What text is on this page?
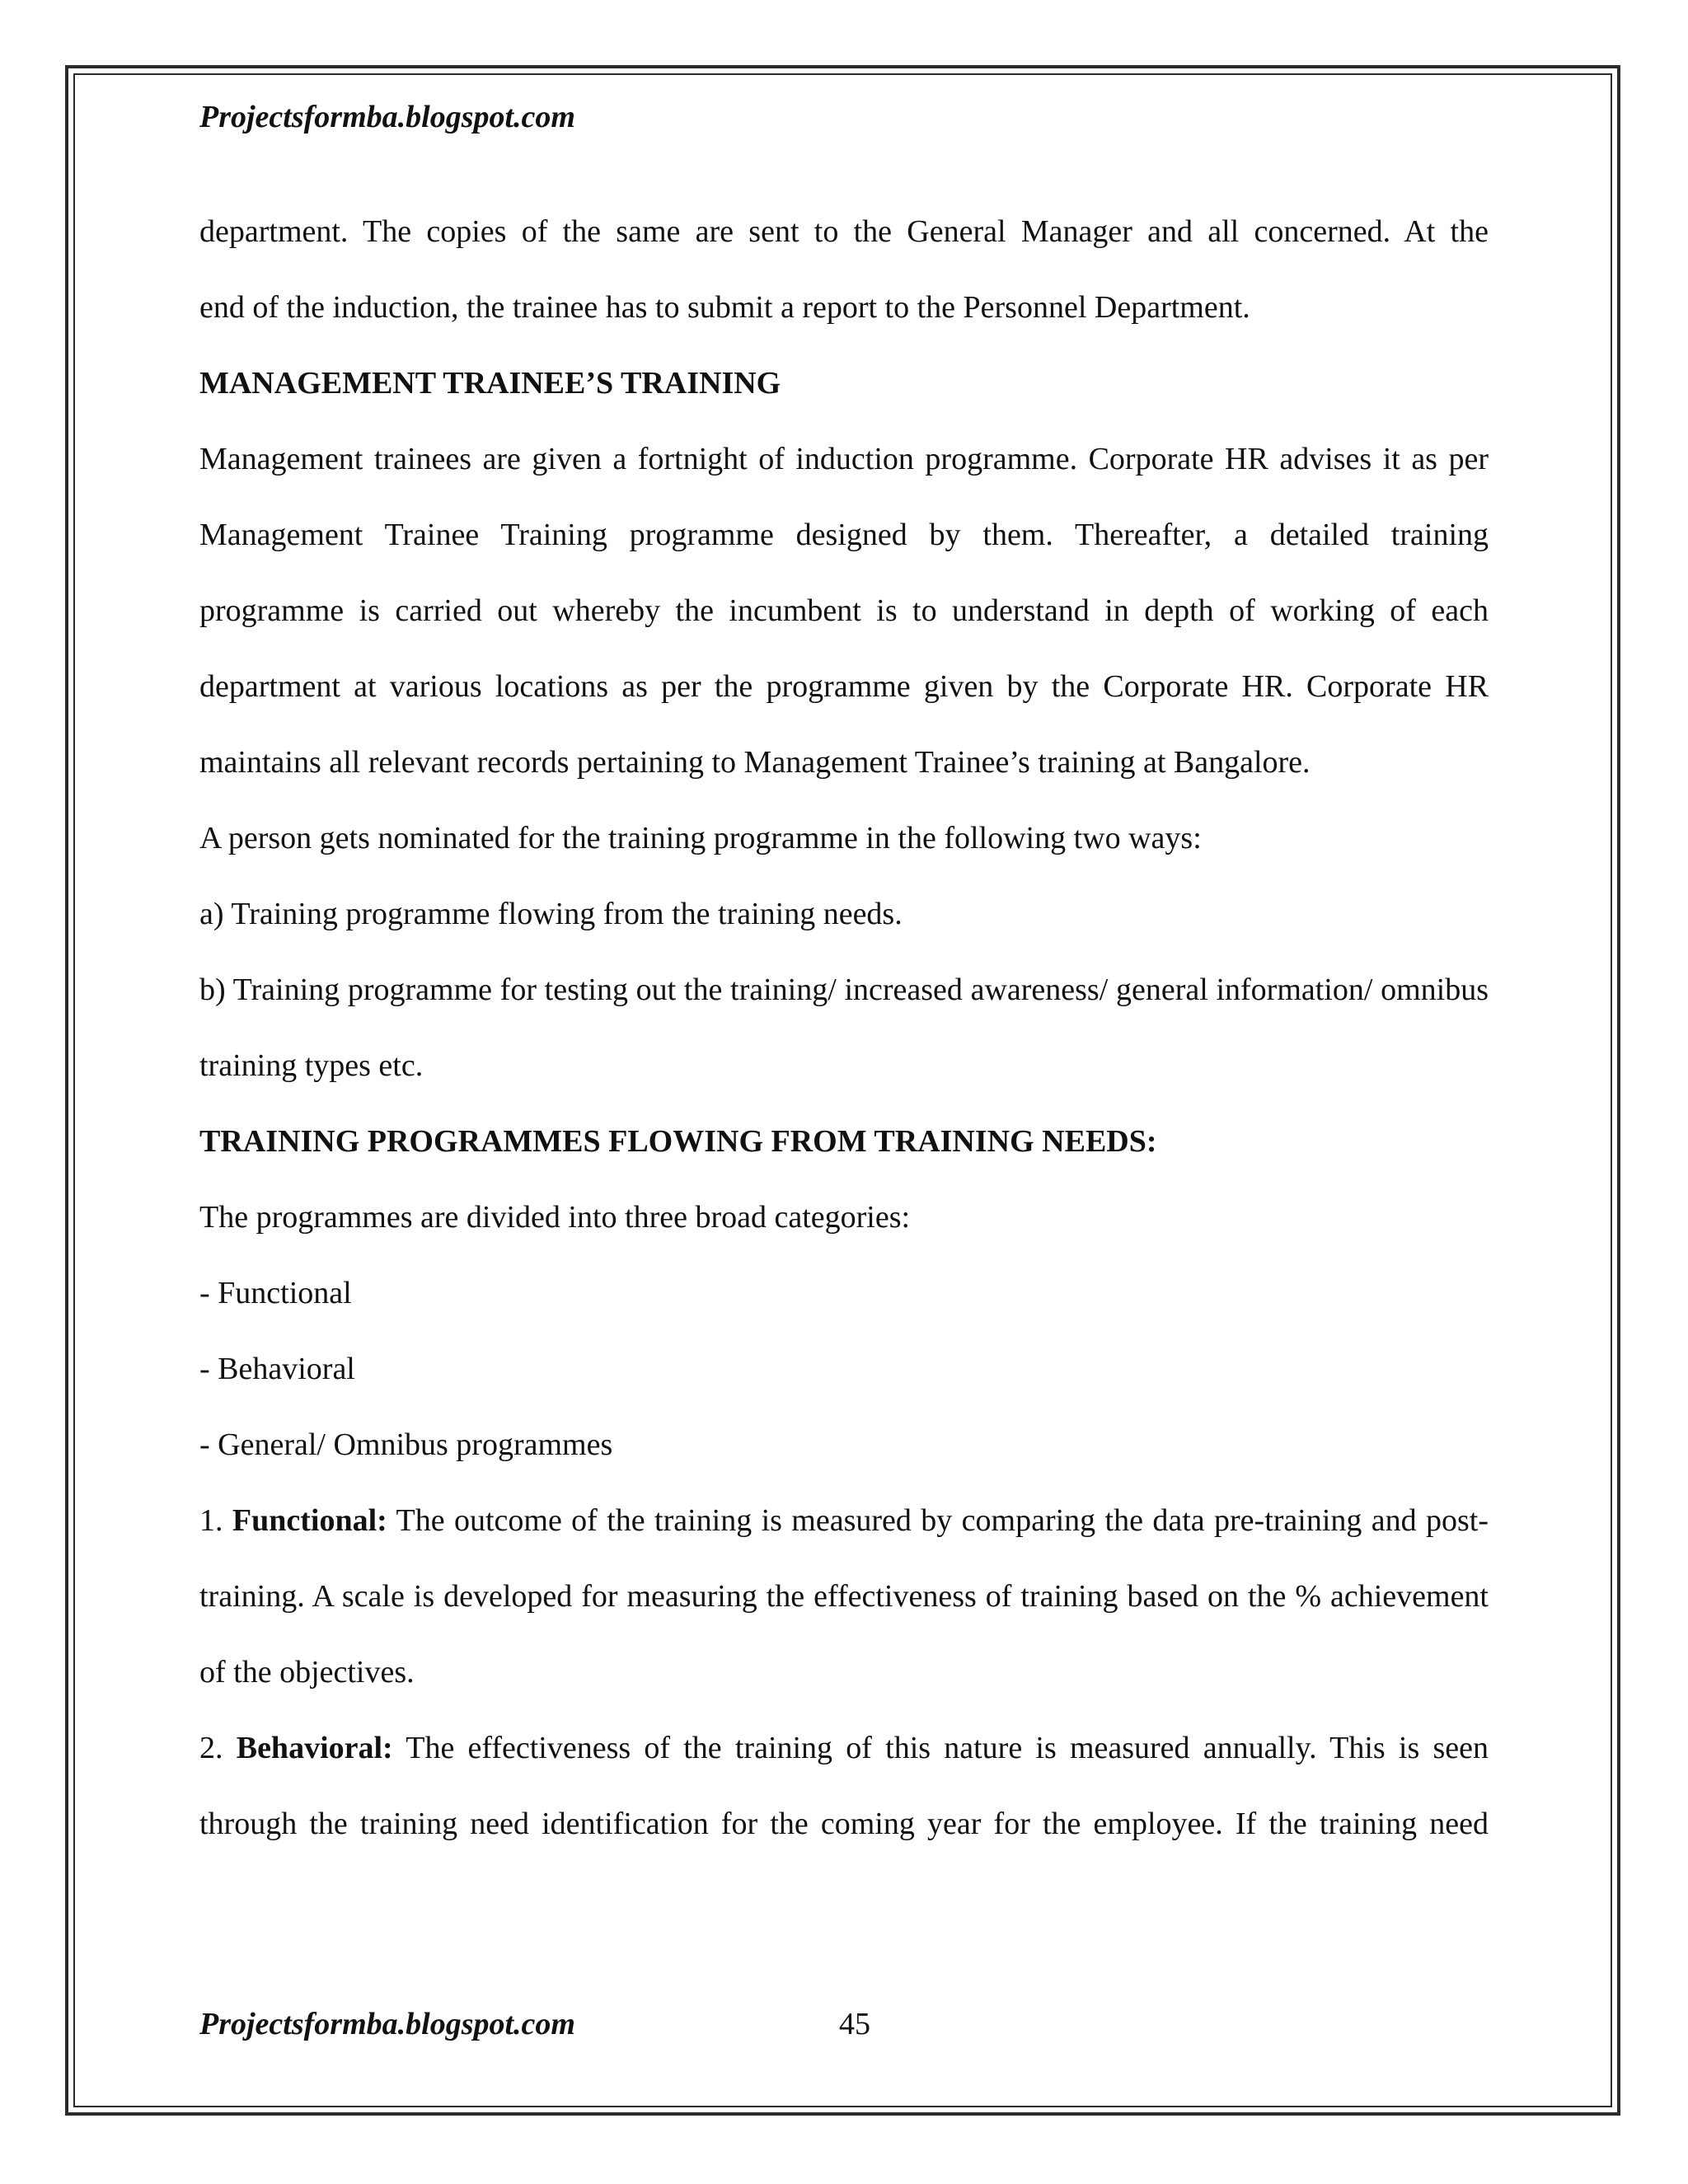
Projectsformba.blogspot.com

department. The copies of the same are sent to the General Manager and all concerned. At the

end of the induction, the trainee has to submit a report to the Personnel Department.

MANAGEMENT TRAINEE’S TRAINING

Management trainees are given a fortnight of induction programme. Corporate HR advises it as per Management Trainee Training programme designed by them. Thereafter, a detailed training programme is carried out whereby the incumbent is to understand in depth of working of each department at various locations as per the programme given by the Corporate HR. Corporate HR maintains all relevant records pertaining to Management Trainee’s training at Bangalore.

A person gets nominated for the training programme in the following two ways:

a) Training programme flowing from the training needs.

b) Training programme for testing out the training/ increased awareness/ general information/ omnibus training types etc.

TRAINING PROGRAMMES FLOWING FROM TRAINING NEEDS:

The programmes are divided into three broad categories:

- Functional

- Behavioral

- General/ Omnibus programmes

1. Functional: The outcome of the training is measured by comparing the data pre-training and post-training. A scale is developed for measuring the effectiveness of training based on the % achievement of the objectives.

2. Behavioral: The effectiveness of the training of this nature is measured annually. This is seen through the training need identification for the coming year for the employee. If the training need

Projectsformba.blogspot.com	45
